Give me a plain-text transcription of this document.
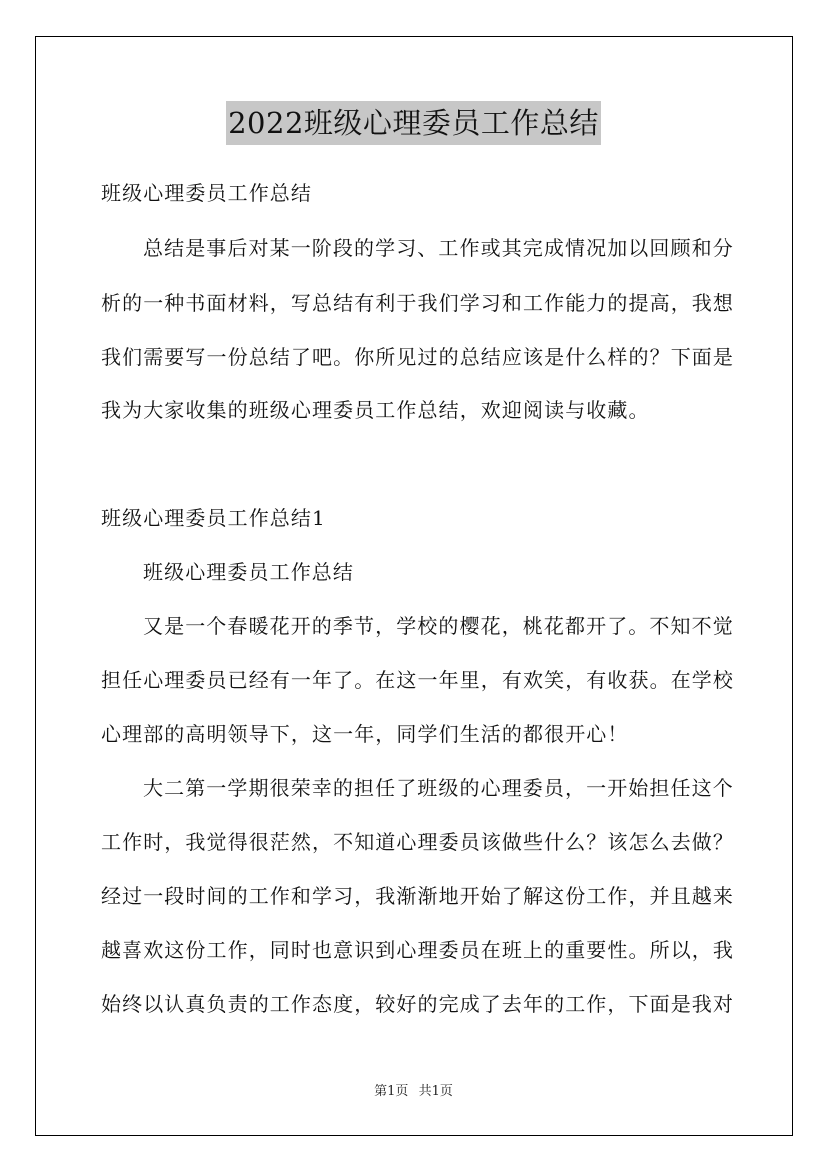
2022班级心理委员工作总结
班级心理委员工作总结
总结是事后对某一阶段的学习、工作或其完成情况加以回顾和分
析的一种书面材料，写总结有利于我们学习和工作能力的提高，我想
我们需要写一份总结了吧。你所见过的总结应该是什么样的？下面是
我为大家收集的班级心理委员工作总结，欢迎阅读与收藏。
班级心理委员工作总结1
班级心理委员工作总结
又是一个春暖花开的季节，学校的樱花，桃花都开了。不知不觉
担任心理委员已经有一年了。在这一年里，有欢笑，有收获。在学校
心理部的高明领导下，这一年，同学们生活的都很开心！
大二第一学期很荣幸的担任了班级的心理委员，一开始担任这个
工作时，我觉得很茫然，不知道心理委员该做些什么？该怎么去做？
经过一段时间的工作和学习，我渐渐地开始了解这份工作，并且越来
越喜欢这份工作，同时也意识到心理委员在班上的重要性。所以，我
始终以认真负责的工作态度，较好的完成了去年的工作，下面是我对
第1页 共1页
